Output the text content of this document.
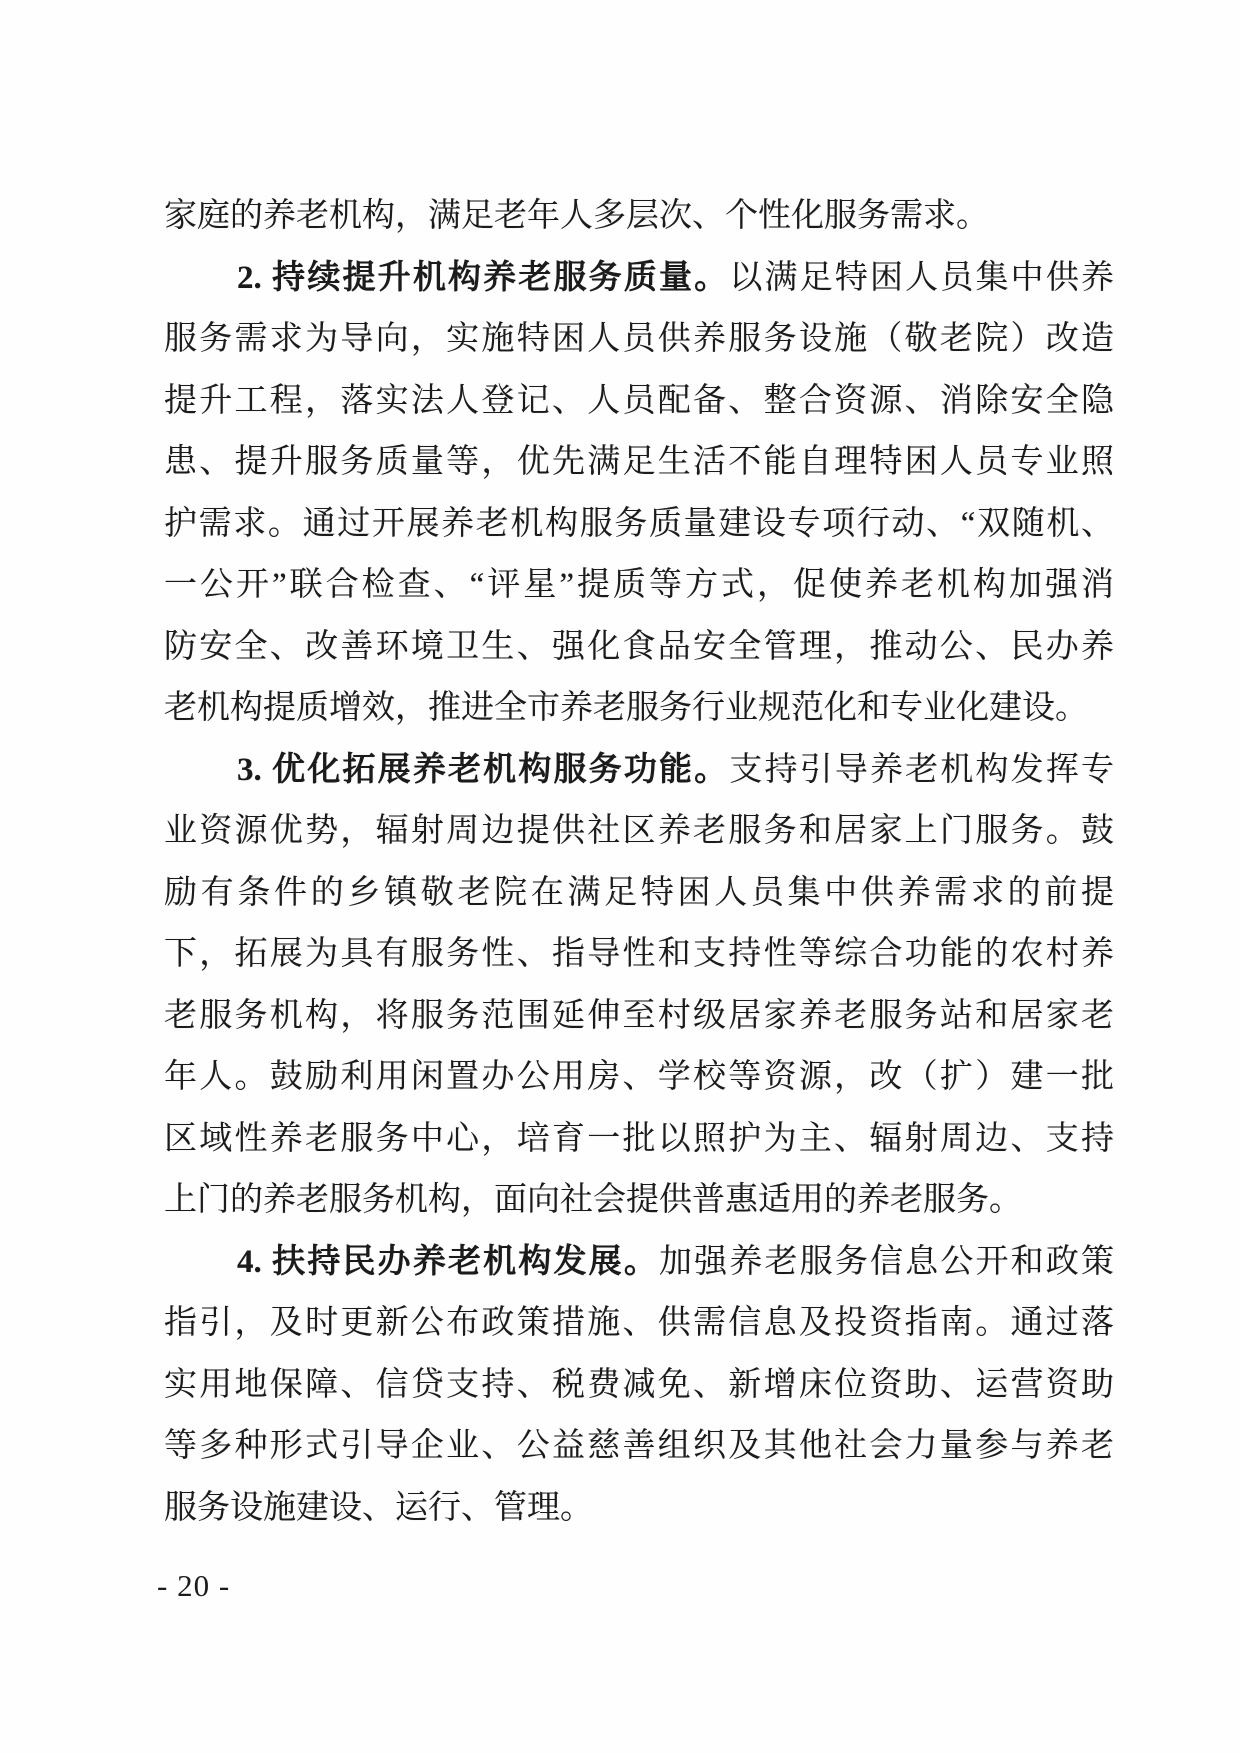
家庭的养老机构，满足老年人多层次、个性化服务需求。
2. 持续提升机构养老服务质量。以满足特困人员集中供养
服务需求为导向，实施特困人员供养服务设施（敬老院）改造
提升工程，落实法人登记、人员配备、整合资源、消除安全隐
患、提升服务质量等，优先满足生活不能自理特困人员专业照
护需求。通过开展养老机构服务质量建设专项行动、“双随机、
一公开”联合检查、“评星”提质等方式，促使养老机构加强消
防安全、改善环境卫生、强化食品安全管理，推动公、民办养
老机构提质增效，推进全市养老服务行业规范化和专业化建设。
3. 优化拓展养老机构服务功能。支持引导养老机构发挥专
业资源优势，辐射周边提供社区养老服务和居家上门服务。鼓
励有条件的乡镇敬老院在满足特困人员集中供养需求的前提
下，拓展为具有服务性、指导性和支持性等综合功能的农村养
老服务机构，将服务范围延伸至村级居家养老服务站和居家老
年人。鼓励利用闲置办公用房、学校等资源，改（扩）建一批
区域性养老服务中心，培育一批以照护为主、辐射周边、支持
上门的养老服务机构，面向社会提供普惠适用的养老服务。
4. 扶持民办养老机构发展。加强养老服务信息公开和政策
指引，及时更新公布政策措施、供需信息及投资指南。通过落
实用地保障、信贷支持、税费减免、新增床位资助、运营资助
等多种形式引导企业、公益慈善组织及其他社会力量参与养老
服务设施建设、运行、管理。
- 20 -
